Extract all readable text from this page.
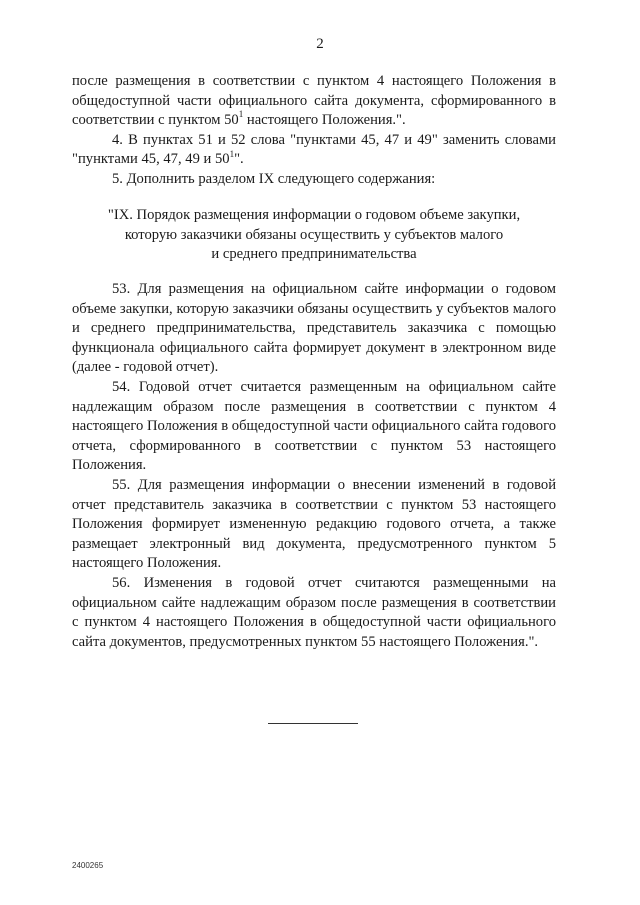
2

после размещения в соответствии с пунктом 4 настоящего Положения в общедоступной части официального сайта документа, сформированного в соответствии с пунктом $50^1$ настоящего Положения.".

4. В пунктах 51 и 52 слова "пунктами 45, 47 и 49" заменить словами "пунктами 45, 47, 49 и $50^1$".

5. Дополнить разделом IX следующего содержания:

"IX. Порядок размещения информации о годовом объеме закупки,
которую заказчики обязаны осуществить у субъектов малого
и среднего предпринимательства

53. Для размещения на официальном сайте информации о годовом объеме закупки, которую заказчики обязаны осуществить у субъектов малого и среднего предпринимательства, представитель заказчика с помощью функционала официального сайта формирует документ в электронном виде (далее - годовой отчет).

54. Годовой отчет считается размещенным на официальном сайте надлежащим образом после размещения в соответствии с пунктом 4 настоящего Положения в общедоступной части официального сайта годового отчета, сформированного в соответствии с пунктом 53 настоящего Положения.

55. Для размещения информации о внесении изменений в годовой отчет представитель заказчика в соответствии с пунктом 53 настоящего Положения формирует измененную редакцию годового отчета, а также размещает электронный вид документа, предусмотренного пунктом 5 настоящего Положения.

56. Изменения в годовой отчет считаются размещенными на официальном сайте надлежащим образом после размещения в соответствии с пунктом 4 настоящего Положения в общедоступной части официального сайта документов, предусмотренных пунктом 55 настоящего Положения.".

2400265
